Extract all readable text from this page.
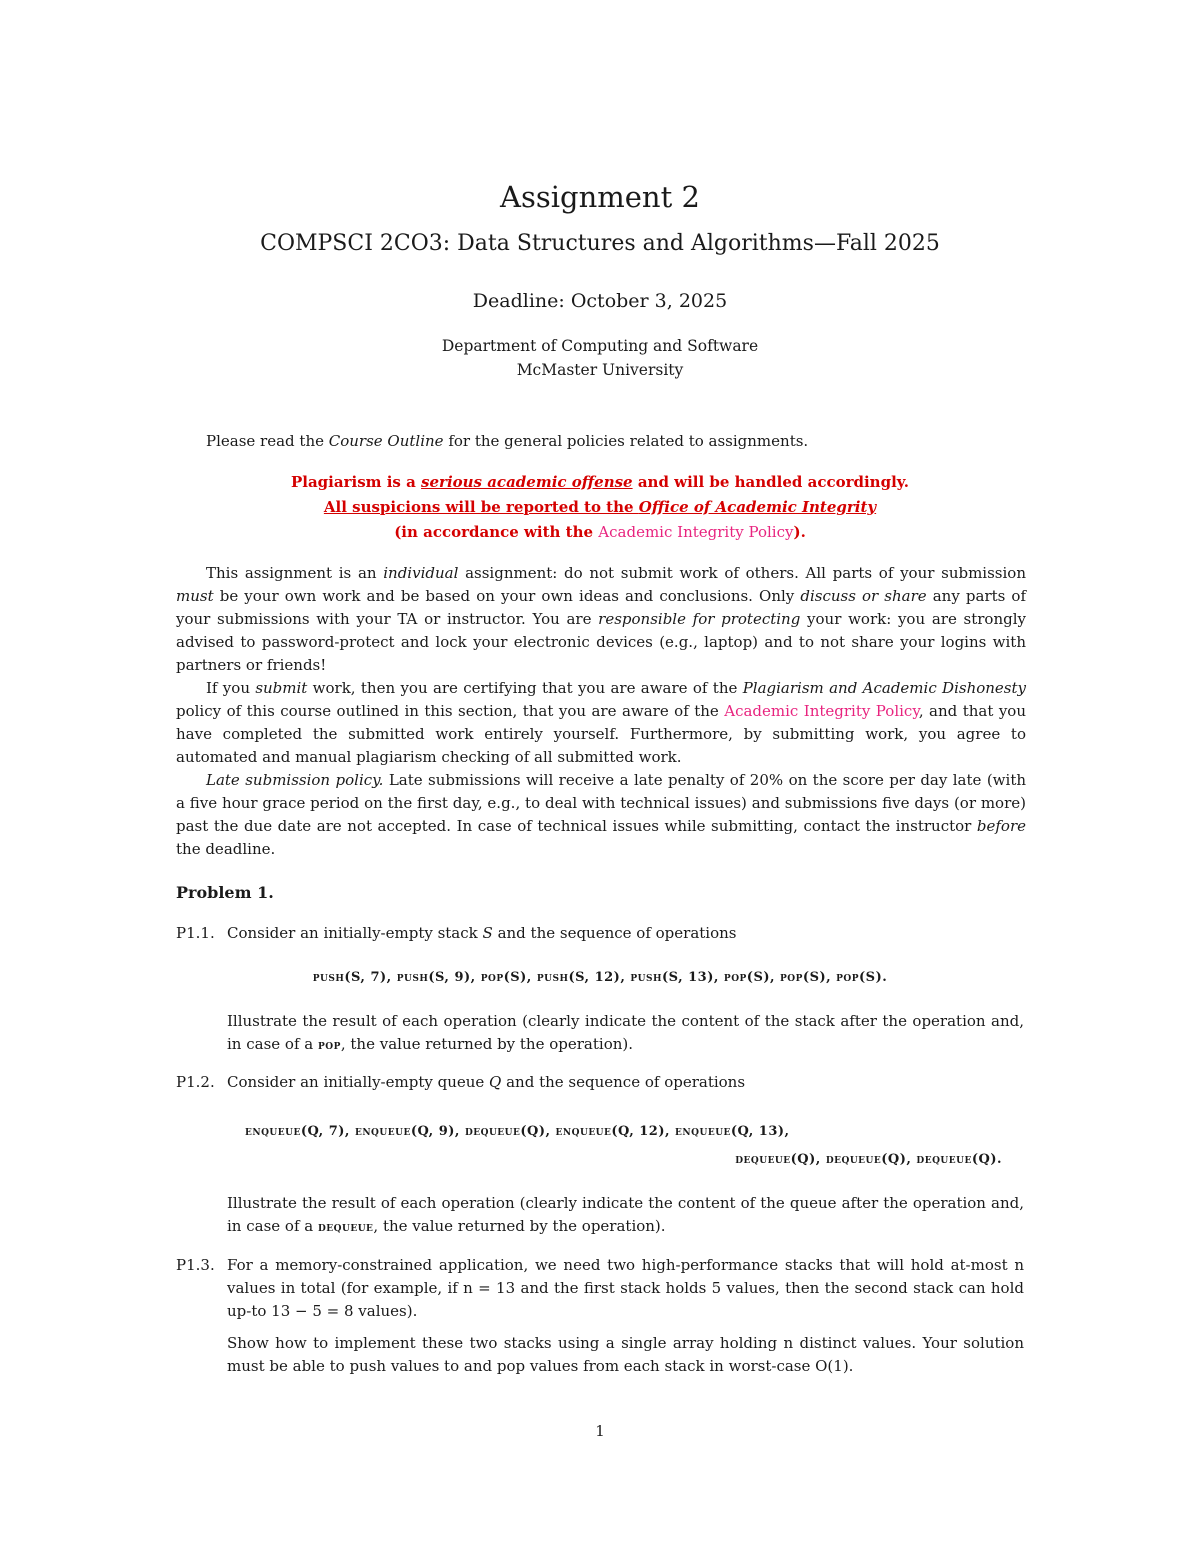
Assignment 2
COMPSCI 2CO3: Data Structures and Algorithms—Fall 2025
Deadline: October 3, 2025
Department of Computing and Software
McMaster University
Please read the Course Outline for the general policies related to assignments.
Plagiarism is a serious academic offense and will be handled accordingly.
All suspicions will be reported to the Office of Academic Integrity
(in accordance with the Academic Integrity Policy).

This assignment is an individual assignment: do not submit work of others. All parts of your submission must be your own work and be based on your own ideas and conclusions. Only discuss or share any parts of your submissions with your TA or instructor. You are responsible for protecting your work: you are strongly advised to password-protect and lock your electronic devices (e.g., laptop) and to not share your logins with partners or friends!

If you submit work, then you are certifying that you are aware of the Plagiarism and Academic Dishonesty policy of this course outlined in this section, that you are aware of the Academic Integrity Policy, and that you have completed the submitted work entirely yourself. Furthermore, by submitting work, you agree to automated and manual plagiarism checking of all submitted work.

Late submission policy. Late submissions will receive a late penalty of 20% on the score per day late (with a five hour grace period on the first day, e.g., to deal with technical issues) and submissions five days (or more) past the due date are not accepted. In case of technical issues while submitting, contact the instructor before the deadline.

Problem 1.
P1.1. Consider an initially-empty stack S and the sequence of operations
push(S, 7), push(S, 9), pop(S), push(S, 12), push(S, 13), pop(S), pop(S), pop(S).
Illustrate the result of each operation (clearly indicate the content of the stack after the operation and, in case of a pop, the value returned by the operation).
P1.2. Consider an initially-empty queue Q and the sequence of operations
enqueue(Q, 7), enqueue(Q, 9), dequeue(Q), enqueue(Q, 12), enqueue(Q, 13),
dequeue(Q), dequeue(Q), dequeue(Q).
Illustrate the result of each operation (clearly indicate the content of the queue after the operation and, in case of a dequeue, the value returned by the operation).
P1.3. For a memory-constrained application, we need two high-performance stacks that will hold at-most n values in total (for example, if n = 13 and the first stack holds 5 values, then the second stack can hold up-to 13 − 5 = 8 values).
Show how to implement these two stacks using a single array holding n distinct values. Your solution must be able to push values to and pop values from each stack in worst-case O(1).
1
